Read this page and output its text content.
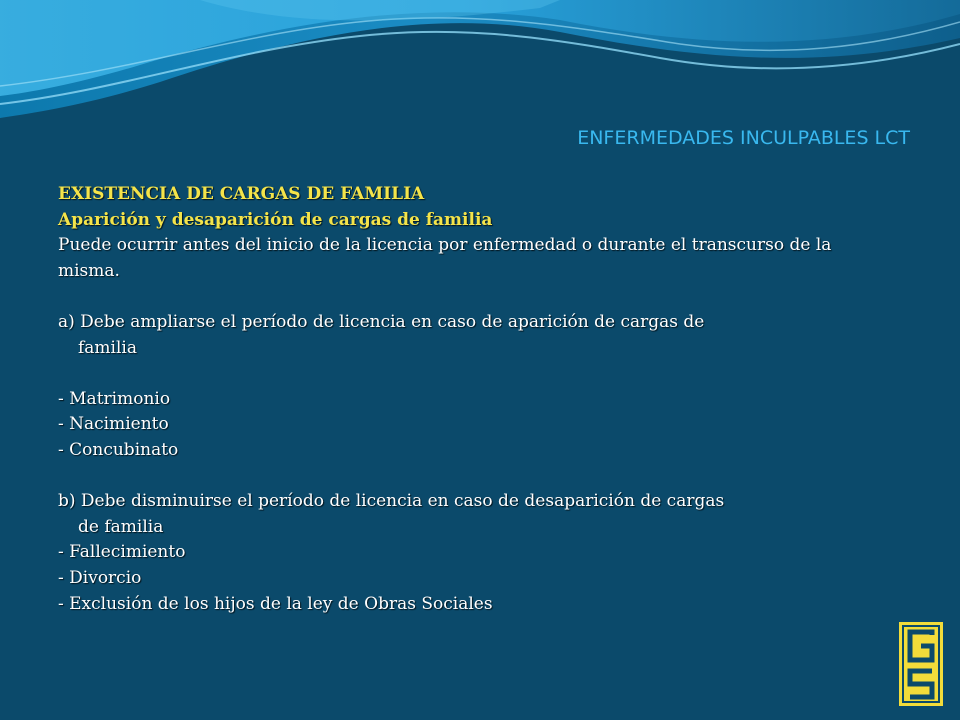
ENFERMEDADES INCULPABLES LCT
EXISTENCIA DE CARGAS DE FAMILIA
Aparición y desaparición de cargas de familia
Puede ocurrir antes del inicio de la licencia por enfermedad o durante el transcurso de la misma.
a) Debe ampliarse el período de licencia en caso de aparición de cargas de
familia
- Matrimonio
- Nacimiento
- Concubinato
b) Debe disminuirse el período de licencia en caso de desaparición de cargas
de familia
- Fallecimiento
- Divorcio
- Exclusión de los hijos de la ley de Obras Sociales
